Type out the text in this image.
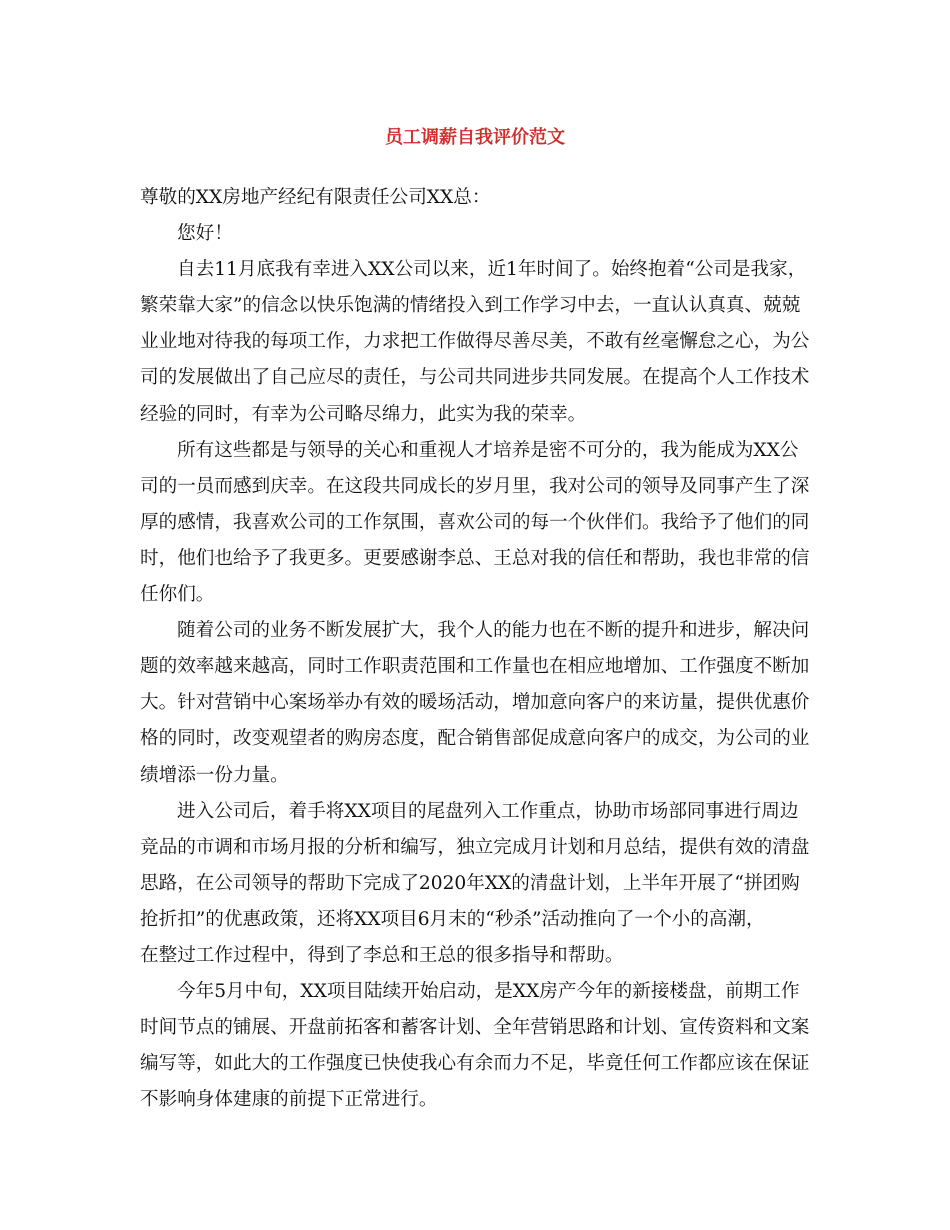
员工调薪自我评价范文

尊敬的XX房地产经纪有限责任公司XX总：

您好！

自去11月底我有幸进入XX公司以来，近1年时间了。始终抱着“公司是我家，
繁荣靠大家”的信念以快乐饱满的情绪投入到工作学习中去，一直认认真真、兢兢
业业地对待我的每项工作，力求把工作做得尽善尽美，不敢有丝毫懈怠之心，为公
司的发展做出了自己应尽的责任，与公司共同进步共同发展。在提高个人工作技术
经验的同时，有幸为公司略尽绵力，此实为我的荣幸。

所有这些都是与领导的关心和重视人才培养是密不可分的，我为能成为XX公
司的一员而感到庆幸。在这段共同成长的岁月里，我对公司的领导及同事产生了深
厚的感情，我喜欢公司的工作氛围，喜欢公司的每一个伙伴们。我给予了他们的同
时，他们也给予了我更多。更要感谢李总、王总对我的信任和帮助，我也非常的信
任你们。

随着公司的业务不断发展扩大，我个人的能力也在不断的提升和进步，解决问
题的效率越来越高，同时工作职责范围和工作量也在相应地增加、工作强度不断加
大。针对营销中心案场举办有效的暖场活动，增加意向客户的来访量，提供优惠价
格的同时，改变观望者的购房态度，配合销售部促成意向客户的成交，为公司的业
绩增添一份力量。

进入公司后，着手将XX项目的尾盘列入工作重点，协助市场部同事进行周边
竞品的市调和市场月报的分析和编写，独立完成月计划和月总结，提供有效的清盘
思路，在公司领导的帮助下完成了2020年XX的清盘计划，上半年开展了“拼团购
抢折扣”的优惠政策，还将XX项目6月末的“秒杀”活动推向了一个小的高潮，
在整过工作过程中，得到了李总和王总的很多指导和帮助。

今年5月中旬，XX项目陆续开始启动，是XX房产今年的新接楼盘，前期工作
时间节点的铺展、开盘前拓客和蓄客计划、全年营销思路和计划、宣传资料和文案
编写等，如此大的工作强度已快使我心有余而力不足，毕竟任何工作都应该在保证
不影响身体建康的前提下正常进行。
